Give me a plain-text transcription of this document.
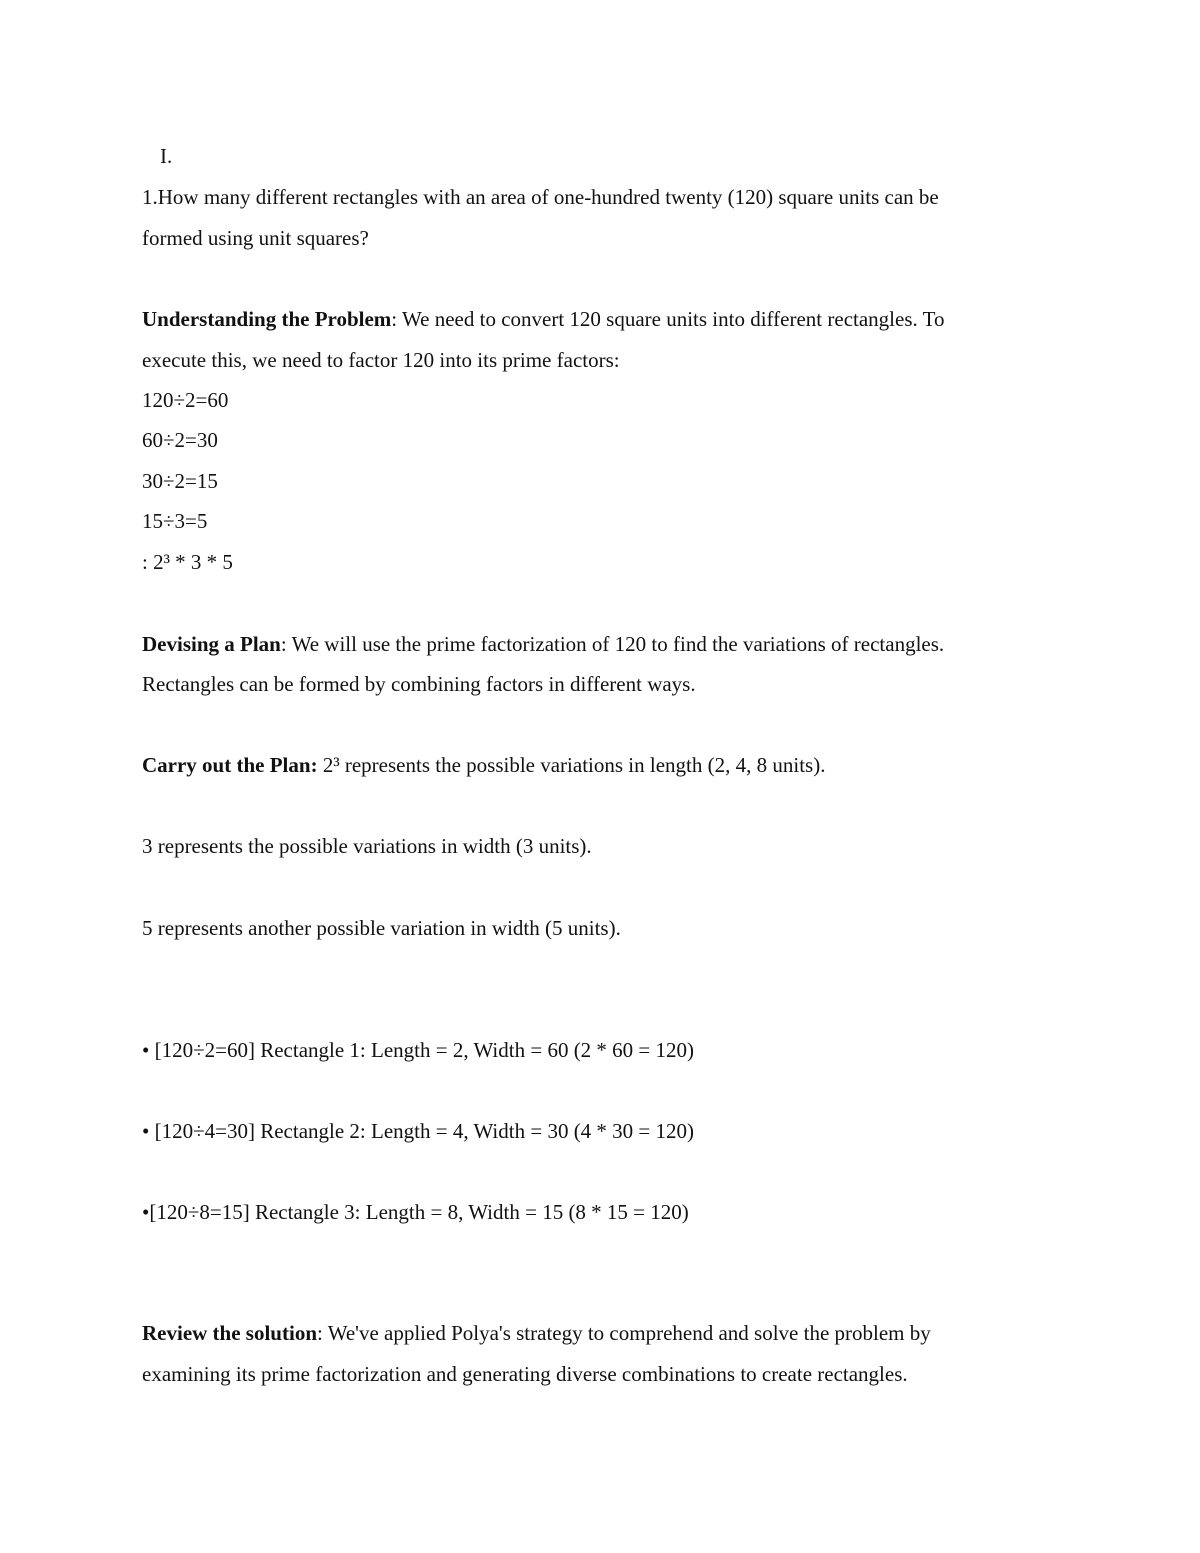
I.
1.How many different rectangles with an area of one-hundred twenty (120) square units can be
formed using unit squares?
Understanding the Problem: We need to convert 120 square units into different rectangles. To
execute this, we need to factor 120 into its prime factors:
120÷2=60
60÷2=30
30÷2=15
15÷3=5
: 2³ * 3 * 5
Devising a Plan: We will use the prime factorization of 120 to find the variations of rectangles.
Rectangles can be formed by combining factors in different ways.
Carry out the Plan: 2³ represents the possible variations in length (2, 4, 8 units).
3 represents the possible variations in width (3 units).
5 represents another possible variation in width (5 units).
• [120÷2=60] Rectangle 1: Length = 2, Width = 60 (2 * 60 = 120)
• [120÷4=30] Rectangle 2: Length = 4, Width = 30 (4 * 30 = 120)
•[120÷8=15] Rectangle 3: Length = 8, Width = 15 (8 * 15 = 120)
Review the solution: We've applied Polya's strategy to comprehend and solve the problem by
examining its prime factorization and generating diverse combinations to create rectangles.
